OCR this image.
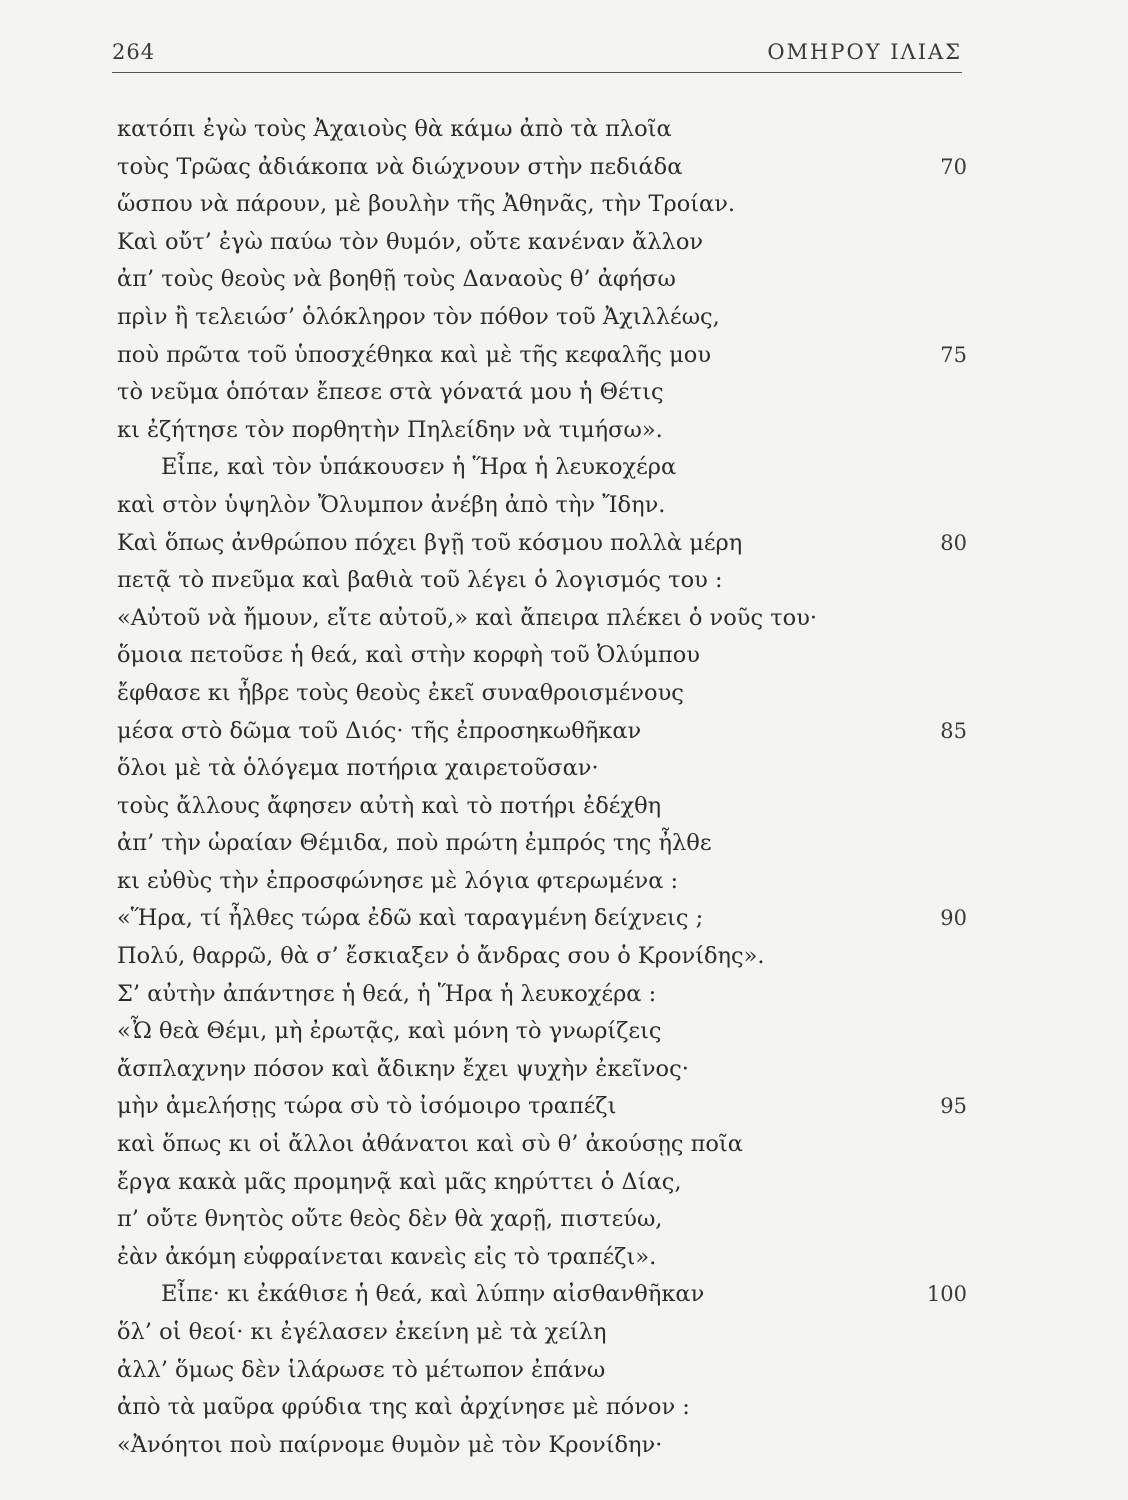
264	ΟΜΗΡΟΥ ΙΛΙΑΣ
κατόπι ἐγὼ τοὺς Ἀχαιοὺς θὰ κάμω ἀπὸ τὰ πλοῖα
τοὺς Τρῶας ἀδιάκοπα νὰ διώχνουν στὴν πεδιάδα	70
ὥσπου νὰ πάρουν, μὲ βουλὴν τῆς Ἀθηνᾶς, τὴν Τροίαν.
Καὶ οὔτ’ ἐγὼ παύω τὸν θυμόν, οὔτε κανέναν ἄλλον
ἀπ’ τοὺς θεοὺς νὰ βοηθῇ τοὺς Δαναοὺς θ’ ἀφήσω
πρὶν ἢ τελειώσ’ ὁλόκληρον τὸν πόθον τοῦ Ἀχιλλέως,
ποὺ πρῶτα τοῦ ὑποσχέθηκα καὶ μὲ τῆς κεφαλῆς μου	75
τὸ νεῦμα ὁπόταν ἔπεσε στὰ γόνατά μου ἡ Θέτις
κι ἐζήτησε τὸν πορθητὴν Πηλείδην νὰ τιμήσω».
Εἶπε, καὶ τὸν ὑπάκουσεν ἡ Ἥρα ἡ λευκοχέρα
καὶ στὸν ὑψηλὸν Ὄλυμπον ἀνέβη ἀπὸ τὴν Ἴδην.
Καὶ ὅπως ἀνθρώπου πόχει βγῇ τοῦ κόσμου πολλὰ μέρη	80
πετᾷ τὸ πνεῦμα καὶ βαθιὰ τοῦ λέγει ὁ λογισμός του :
«Αὐτοῦ νὰ ἤμουν, εἴτε αὐτοῦ,» καὶ ἄπειρα πλέκει ὁ νοῦς του·
ὅμοια πετοῦσε ἡ θεά, καὶ στὴν κορφὴ τοῦ Ὀλύμπου
ἔφθασε κι ἦβρε τοὺς θεοὺς ἐκεῖ συναθροισμένους
μέσα στὸ δῶμα τοῦ Διός· τῆς ἐπροσηκωθῆκαν	85
ὅλοι μὲ τὰ ὁλόγεμα ποτήρια χαιρετοῦσαν·
τοὺς ἄλλους ἄφησεν αὐτὴ καὶ τὸ ποτήρι ἐδέχθη
ἀπ’ τὴν ὡραίαν Θέμιδα, ποὺ πρώτη ἐμπρός της ἦλθε
κι εὐθὺς τὴν ἐπροσφώνησε μὲ λόγια φτερωμένα :
«Ἥρα, τί ἦλθες τώρα ἐδῶ καὶ ταραγμένη δείχνεις ;	90
Πολύ, θαρρῶ, θὰ σ’ ἔσκιαξεν ὁ ἄνδρας σου ὁ Κρονίδης».
Σ’ αὐτὴν ἀπάντησε ἡ θεά, ἡ Ἥρα ἡ λευκοχέρα :
«Ὦ θεὰ Θέμι, μὴ ἐρωτᾷς, καὶ μόνη τὸ γνωρίζεις
ἄσπλαχνην πόσον καὶ ἄδικην ἔχει ψυχὴν ἐκεῖνος·
μὴν ἀμελήσῃς τώρα σὺ τὸ ἰσόμοιρο τραπέζι	95
καὶ ὅπως κι οἱ ἄλλοι ἀθάνατοι καὶ σὺ θ’ ἀκούσῃς ποῖα
ἔργα κακὰ μᾶς προμηνᾷ καὶ μᾶς κηρύττει ὁ Δίας,
π’ οὔτε θνητὸς οὔτε θεὸς δὲν θὰ χαρῇ, πιστεύω,
ἐὰν ἀκόμη εὐφραίνεται κανεὶς εἰς τὸ τραπέζι».
Εἶπε· κι ἐκάθισε ἡ θεά, καὶ λύπην αἰσθανθῆκαν	100
ὅλ’ οἱ θεοί· κι ἐγέλασεν ἐκείνη μὲ τὰ χείλη
ἀλλ’ ὅμως δὲν ἱλάρωσε τὸ μέτωπον ἐπάνω
ἀπὸ τὰ μαῦρα φρύδια της καὶ ἀρχίνησε μὲ πόνον :
«Ἀνόητοι ποὺ παίρνομε θυμὸν μὲ τὸν Κρονίδην·
